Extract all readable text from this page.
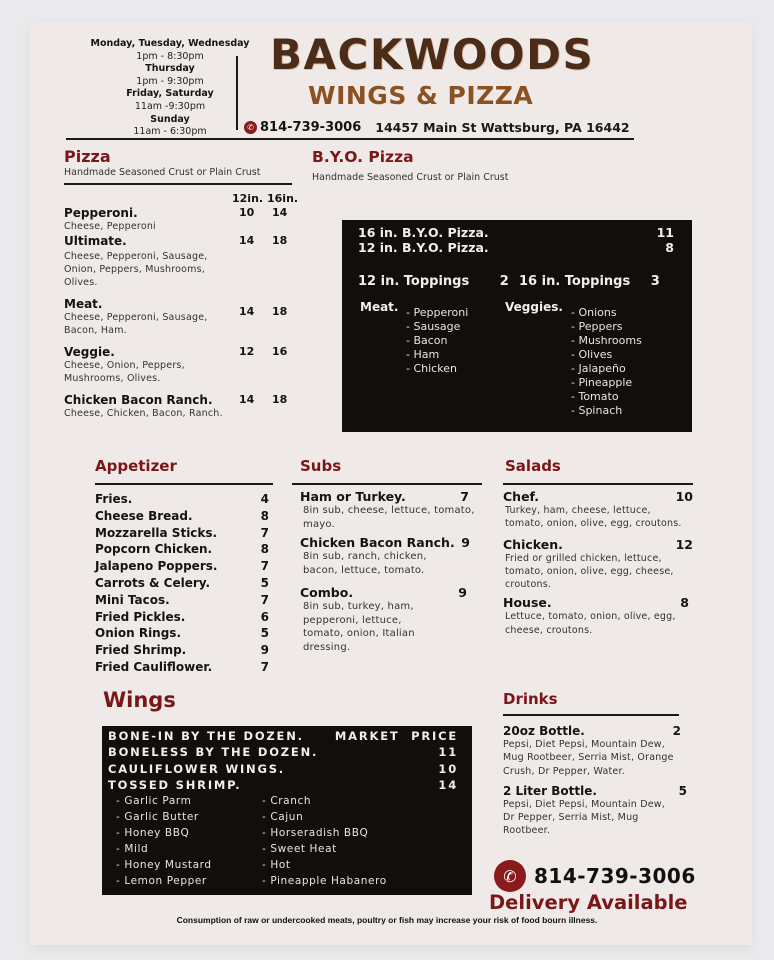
Monday, Tuesday, Wednesday
1pm - 8:30pm
Thursday
1pm - 9:30pm
Friday, Saturday
11am -9:30pm
Sunday
11am - 6:30pm
BACKWOODS
WINGS & PIZZA
✆ 814-739-3006 14457 Main St Wattsburg, PA 16442
Pizza
Handmade Seasoned Crust or Plain Crust
12in. 16in.
Pepperoni.
Cheese, Pepperoni
10 14
Ultimate.
Cheese, Pepperoni, Sausage, Onion, Peppers, Mushrooms, Olives.
14 18
Meat.
Cheese, Pepperoni, Sausage, Bacon, Ham.
14 18
Veggie.
Cheese, Onion, Peppers, Mushrooms, Olives.
12 16
Chicken Bacon Ranch.
Cheese, Chicken, Bacon, Ranch.
14 18
B.Y.O. Pizza
Handmade Seasoned Crust or Plain Crust
16 in. B.Y.O. Pizza.	11
12 in. B.Y.O. Pizza.	8
12 in. Toppings 2 16 in. Toppings 3
Meat. - Pepperoni
- Sausage
- Bacon
- Ham
- Chicken
Veggies. - Onions
- Peppers
- Mushrooms
- Olives
- Jalapeño
- Pineapple
- Tomato
- Spinach
Appetizer
Fries.	4
Cheese Bread.	8
Mozzarella Sticks.	7
Popcorn Chicken.	8
Jalapeno Poppers.	7
Carrots & Celery.	5
Mini Tacos.	7
Fried Pickles.	6
Onion Rings.	5
Fried Shrimp.	9
Fried Cauliflower.	7
Subs
Ham or Turkey.	7
8in sub, cheese, lettuce, tomato, mayo.
Chicken Bacon Ranch. 9
8in sub, ranch, chicken, bacon, lettuce, tomato.
Combo.	9
8in sub, turkey, ham, pepperoni, lettuce, tomato, onion, Italian dressing.
Salads
Chef.	10
Turkey, ham, cheese, lettuce, tomato, onion, olive, egg, croutons.
Chicken.	12
Fried or grilled chicken, lettuce, tomato, onion, olive, egg, cheese, croutons.
House.	8
Lettuce, tomato, onion, olive, egg, cheese, croutons.
Wings
BONE-IN BY THE DOZEN.	MARKET  PRICE
BONELESS BY THE DOZEN.	11
CAULIFLOWER WINGS.	10
TOSSED SHRIMP.	14
- Garlic Parm
- Garlic Butter
- Honey BBQ
- Mild
- Honey Mustard
- Lemon Pepper
- Cranch
- Cajun
- Horseradish BBQ
- Sweet Heat
- Hot
- Pineapple Habanero
Drinks
20oz Bottle.	2
Pepsi, Diet Pepsi, Mountain Dew, Mug Rootbeer, Serria Mist, Orange Crush, Dr Pepper, Water.
2 Liter Bottle.	5
Pepsi, Diet Pepsi, Mountain Dew, Dr Pepper, Serria Mist, Mug Rootbeer.
✆ 814-739-3006
Delivery Available
Consumption of raw or undercooked meats, poultry or fish may increase your risk of food bourn illness.
